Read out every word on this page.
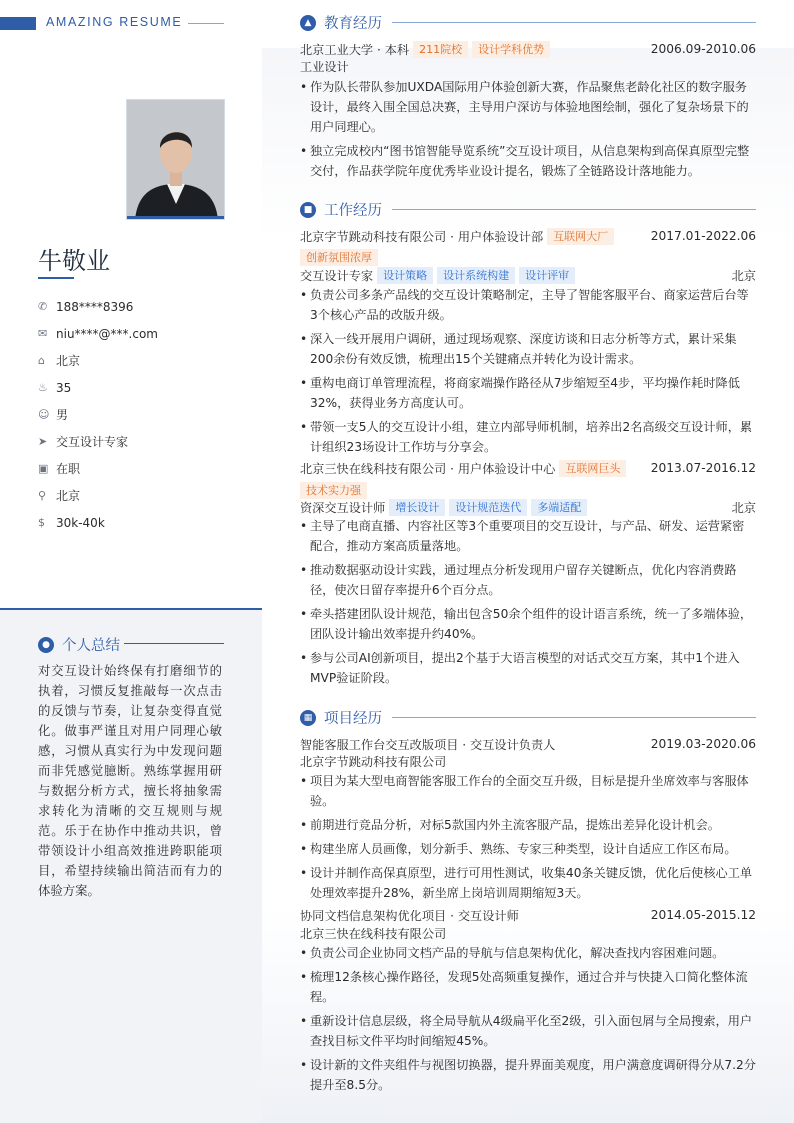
AMAZING RESUME
牛敬业
✆ 188****8396
✉ niu****@***.com
⌂ 北京
♨ 35
☺ 男
➤ 交互设计专家
▣ 在职
⚲ 北京
$ 30k-40k
● 个人总结
对交互设计始终保有打磨细节的执着，习惯反复推敲每一次点击的反馈与节奏，让复杂变得直觉化。做事严谨且对用户同理心敏感，习惯从真实行为中发现问题而非凭感觉臆断。熟练掌握用研与数据分析方式，擅长将抽象需求转化为清晰的交互规则与规范。乐于在协作中推动共识，曾带领设计小组高效推进跨职能项目，希望持续输出简洁而有力的体验方案。
▲ 教育经历
北京工业大学 · 本科 211院校	设计学科优势	2006.09-2010.06
工业设计
• 作为队长带队参加UXDA国际用户体验创新大赛，作品聚焦老龄化社区的数字服务设计，最终入围全国总决赛，主导用户深访与体验地图绘制，强化了复杂场景下的用户同理心。
• 独立完成校内“图书馆智能导览系统”交互设计项目，从信息架构到高保真原型完整交付，作品获学院年度优秀毕业设计提名，锻炼了全链路设计落地能力。
■ 工作经历
北京字节跳动科技有限公司 · 用户体验设计部 互联网大厂	2017.01-2022.06
创新氛围浓厚
交互设计专家 设计策略	设计系统构建	设计评审	北京
• 负责公司多条产品线的交互设计策略制定，主导了智能客服平台、商家运营后台等3个核心产品的改版升级。
• 深入一线开展用户调研，通过现场观察、深度访谈和日志分析等方式，累计采集200余份有效反馈，梳理出15个关键痛点并转化为设计需求。
• 重构电商订单管理流程，将商家端操作路径从7步缩短至4步，平均操作耗时降低32%，获得业务方高度认可。
• 带领一支5人的交互设计小组，建立内部导师机制，培养出2名高级交互设计师，累计组织23场设计工作坊与分享会。
北京三快在线科技有限公司 · 用户体验设计中心 互联网巨头	2013.07-2016.12
技术实力强
资深交互设计师 增长设计	设计规范迭代	多端适配	北京
• 主导了电商直播、内容社区等3个重要项目的交互设计，与产品、研发、运营紧密配合，推动方案高质量落地。
• 推动数据驱动设计实践，通过埋点分析发现用户留存关键断点，优化内容消费路径，使次日留存率提升6个百分点。
• 牵头搭建团队设计规范，输出包含50余个组件的设计语言系统，统一了多端体验，团队设计输出效率提升约40%。
• 参与公司AI创新项目，提出2个基于大语言模型的对话式交互方案，其中1个进入MVP验证阶段。
▦ 项目经历
智能客服工作台交互改版项目 · 交互设计负责人	2019.03-2020.06
北京字节跳动科技有限公司
• 项目为某大型电商智能客服工作台的全面交互升级，目标是提升坐席效率与客服体验。
• 前期进行竞品分析，对标5款国内外主流客服产品，提炼出差异化设计机会。
• 构建坐席人员画像，划分新手、熟练、专家三种类型，设计自适应工作区布局。
• 设计并制作高保真原型，进行可用性测试，收集40条关键反馈，优化后使核心工单处理效率提升28%，新坐席上岗培训周期缩短3天。
协同文档信息架构优化项目 · 交互设计师	2014.05-2015.12
北京三快在线科技有限公司
• 负责公司企业协同文档产品的导航与信息架构优化，解决查找内容困难问题。
• 梳理12条核心操作路径，发现5处高频重复操作，通过合并与快捷入口简化整体流程。
• 重新设计信息层级，将全局导航从4级扁平化至2级，引入面包屑与全局搜索，用户查找目标文件平均时间缩短45%。
• 设计新的文件夹组件与视图切换器，提升界面美观度，用户满意度调研得分从7.2分提升至8.5分。
